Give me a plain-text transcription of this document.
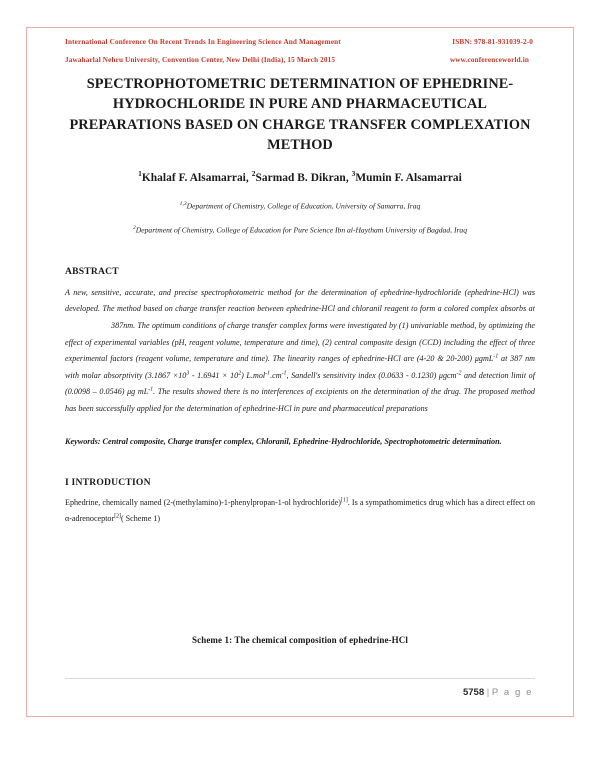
International Conference On Recent Trends In Engineering Science And Management	ISBN: 978-81-931039-2-0
Jawaharlal Nehru University, Convention Center, New Delhi (India), 15 March 2015	www.conferenceworld.in
SPECTROPHOTOMETRIC DETERMINATION OF EPHEDRINE-HYDROCHLORIDE IN PURE AND PHARMACEUTICAL PREPARATIONS BASED ON CHARGE TRANSFER COMPLEXATION METHOD
$^1$Khalaf F. Alsamarrai, $^2$Sarmad B. Dikran, $^3$Mumin F. Alsamarrai
$^{1,3}$Department of Chemistry, College of Education, University of Samarra, Iraq
$^2$Department of Chemistry, College of Education for Pure Science Ibn al-Haytham University of Bagdad, Iraq
ABSTRACT
A new, sensitive, accurate, and precise spectrophotometric method for the determination of ephedrine-hydrochloride (ephedrine-HCl) was developed. The method based on charge transfer reaction between ephedrine-HCl and chloranil reagent to form a colored complex absorbs at387nm. The optimum conditions of charge transfer complex forms were investigated by (1) univariable method, by optimizing the effect of experimental variables (pH, reagent volume, temperature and time), (2) central composite design (CCD) including the effect of three experimental factors (reagent volume, temperature and time). The linearity ranges of ephedrine-HCl are (4-20 & 20-200) μgmL$^{-1}$ at 387 nm with molar absorptivity $(3.1867 \times 10^3 - 1.6941 \times 10^2)$ $L.mol^{-1}.cm^{-1}$, Sandell's sensitivity index (0.0633 - 0.1230) μgcm$^{-2}$ and detection limit of (0.0098 – 0.0546) μg $mL^{-1}$. The results showed there is no interferences of excipients on the determination of the drug. The proposed method has been successfully applied for the determination of ephedrine-HCl in pure and pharmaceutical preparations
Keywords: Central composite, Charge transfer complex, Chloranil, Ephedrine-Hydrochloride, Spectrophotometric determination.
I INTRODUCTION
Ephedrine, chemically named (2-(methylamino)-1-phenylpropan-1-ol hydrochloride)[1]. Is a sympathomimetics drug which has a direct effect on α-adrenoceptor[2]( Scheme 1)
Scheme 1: The chemical composition of ephedrine-HCl
5758 | P a g e
